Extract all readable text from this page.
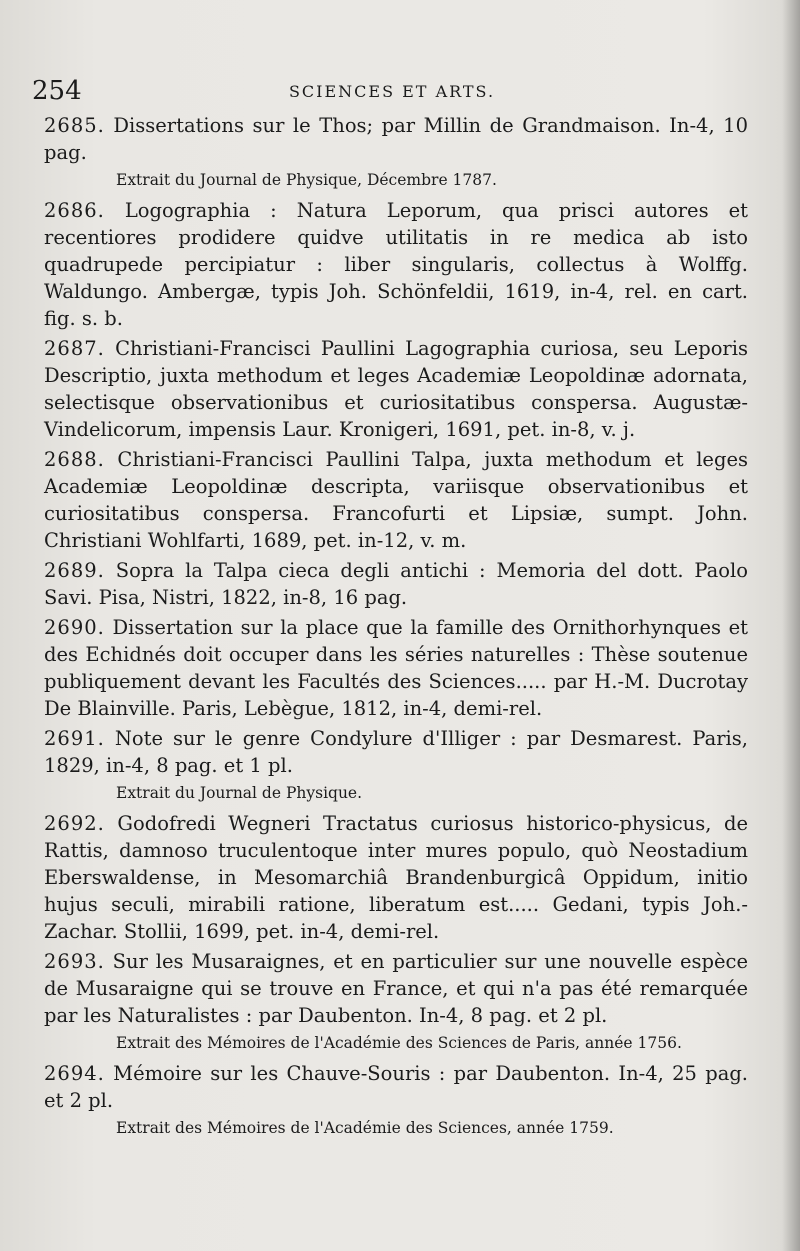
254	SCIENCES ET ARTS.
2685. Dissertations sur le Thos; par Millin de Grandmaison. In-4, 10 pag.
Extrait du Journal de Physique, Décembre 1787.
2686. Logographia : Natura Leporum, qua prisci autores et recentiores prodidere quidve utilitatis in re medica ab isto quadrupede percipiatur : liber singularis, collectus à Wolffg. Waldungo. Ambergæ, typis Joh. Schönfeldii, 1619, in-4, rel. en cart. fig. s. b.
2687. Christiani-Francisci Paullini Lagographia curiosa, seu Leporis Descriptio, juxta methodum et leges Academiæ Leopoldinæ adornata, selectisque observationibus et curiositatibus conspersa. Augustæ-Vindelicorum, impensis Laur. Kronigeri, 1691, pet. in-8, v. j.
2688. Christiani-Francisci Paullini Talpa, juxta methodum et leges Academiæ Leopoldinæ descripta, variisque observationibus et curiositatibus conspersa. Francofurti et Lipsiæ, sumpt. John. Christiani Wohlfarti, 1689, pet. in-12, v. m.
2689. Sopra la Talpa cieca degli antichi : Memoria del dott. Paolo Savi. Pisa, Nistri, 1822, in-8, 16 pag.
2690. Dissertation sur la place que la famille des Ornithorhynques et des Echidnés doit occuper dans les séries naturelles : Thèse soutenue publiquement devant les Facultés des Sciences..... par H.-M. Ducrotay De Blainville. Paris, Lebègue, 1812, in-4, demi-rel.
2691. Note sur le genre Condylure d'Illiger : par Desmarest. Paris, 1829, in-4, 8 pag. et 1 pl.
Extrait du Journal de Physique.
2692. Godofredi Wegneri Tractatus curiosus historico-physicus, de Rattis, damnoso truculentoque inter mures populo, quò Neostadium Eberswaldense, in Mesomarchiâ Brandenburgicâ Oppidum, initio hujus seculi, mirabili ratione, liberatum est..... Gedani, typis Joh.-Zachar. Stollii, 1699, pet. in-4, demi-rel.
2693. Sur les Musaraignes, et en particulier sur une nouvelle espèce de Musaraigne qui se trouve en France, et qui n'a pas été remarquée par les Naturalistes : par Daubenton. In-4, 8 pag. et 2 pl.
Extrait des Mémoires de l'Académie des Sciences de Paris, année 1756.
2694. Mémoire sur les Chauve-Souris : par Daubenton. In-4, 25 pag. et 2 pl.
Extrait des Mémoires de l'Académie des Sciences, année 1759.
